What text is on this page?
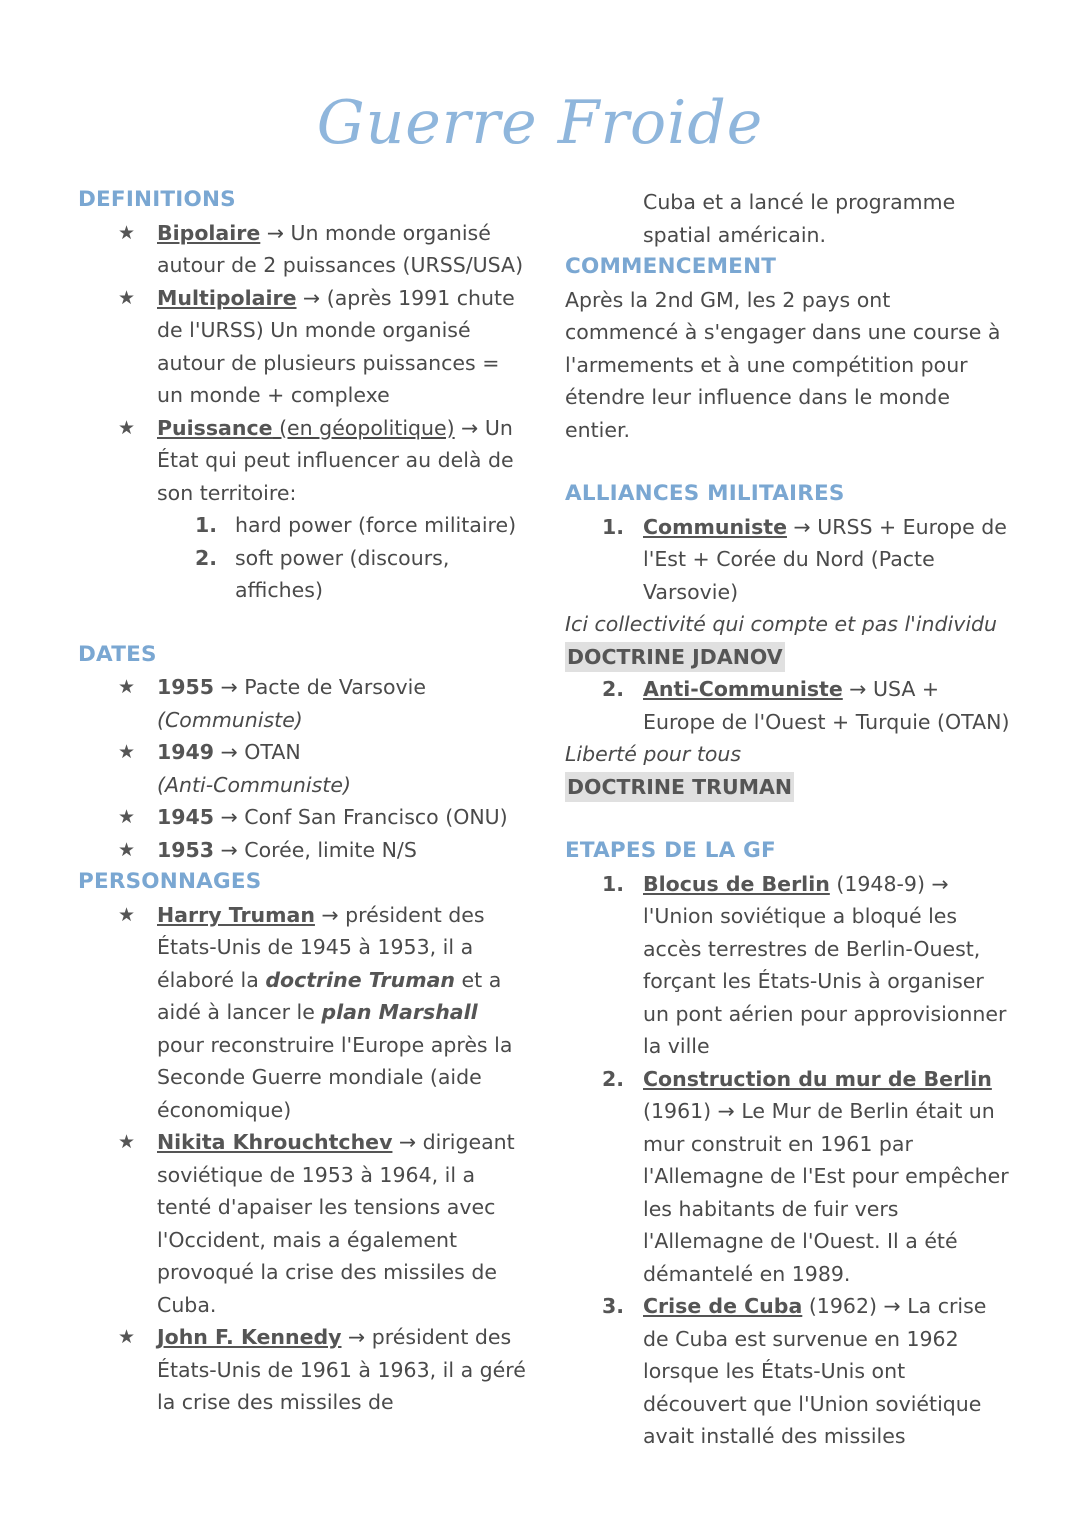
Guerre Froide
DEFINITIONS
★ Bipolaire → Un monde organisé autour de 2 puissances (URSS/USA)
★ Multipolaire → (après 1991 chute de l'URSS) Un monde organisé autour de plusieurs puissances = un monde + complexe
★ Puissance (en géopolitique) → Un État qui peut influencer au delà de son territoire:
1. hard power (force militaire)
2. soft power (discours, affiches)
DATES
★ 1955 → Pacte de Varsovie
(Communiste)
★ 1949 → OTAN
(Anti-Communiste)
★ 1945 → Conf San Francisco (ONU)
★ 1953 → Corée, limite N/S
PERSONNAGES
★ Harry Truman → président des États-Unis de 1945 à 1953, il a élaboré la doctrine Truman et a aidé à lancer le plan Marshall pour reconstruire l'Europe après la Seconde Guerre mondiale (aide économique)
★ Nikita Khrouchtchev → dirigeant soviétique de 1953 à 1964, il a tenté d'apaiser les tensions avec l'Occident, mais a également provoqué la crise des missiles de Cuba.
★ John F. Kennedy → président des États-Unis de 1961 à 1963, il a géré la crise des missiles de
Cuba et a lancé le programme spatial américain.
COMMENCEMENT
Après la 2nd GM, les 2 pays ont commencé à s'engager dans une course à l'armements et à une compétition pour étendre leur influence dans le monde entier.
ALLIANCES MILITAIRES
1. Communiste → URSS + Europe de l'Est + Corée du Nord (Pacte Varsovie)
Ici collectivité qui compte et pas l'individu
DOCTRINE JDANOV
2. Anti-Communiste → USA + Europe de l'Ouest + Turquie (OTAN)
Liberté pour tous
DOCTRINE TRUMAN
ETAPES DE LA GF
1. Blocus de Berlin (1948-9) → l'Union soviétique a bloqué les accès terrestres de Berlin-Ouest, forçant les États-Unis à organiser un pont aérien pour approvisionner la ville
2. Construction du mur de Berlin (1961) → Le Mur de Berlin était un mur construit en 1961 par l'Allemagne de l'Est pour empêcher les habitants de fuir vers l'Allemagne de l'Ouest. Il a été démantelé en 1989.
3. Crise de Cuba (1962) → La crise de Cuba est survenue en 1962 lorsque les États-Unis ont découvert que l'Union soviétique avait installé des missiles
